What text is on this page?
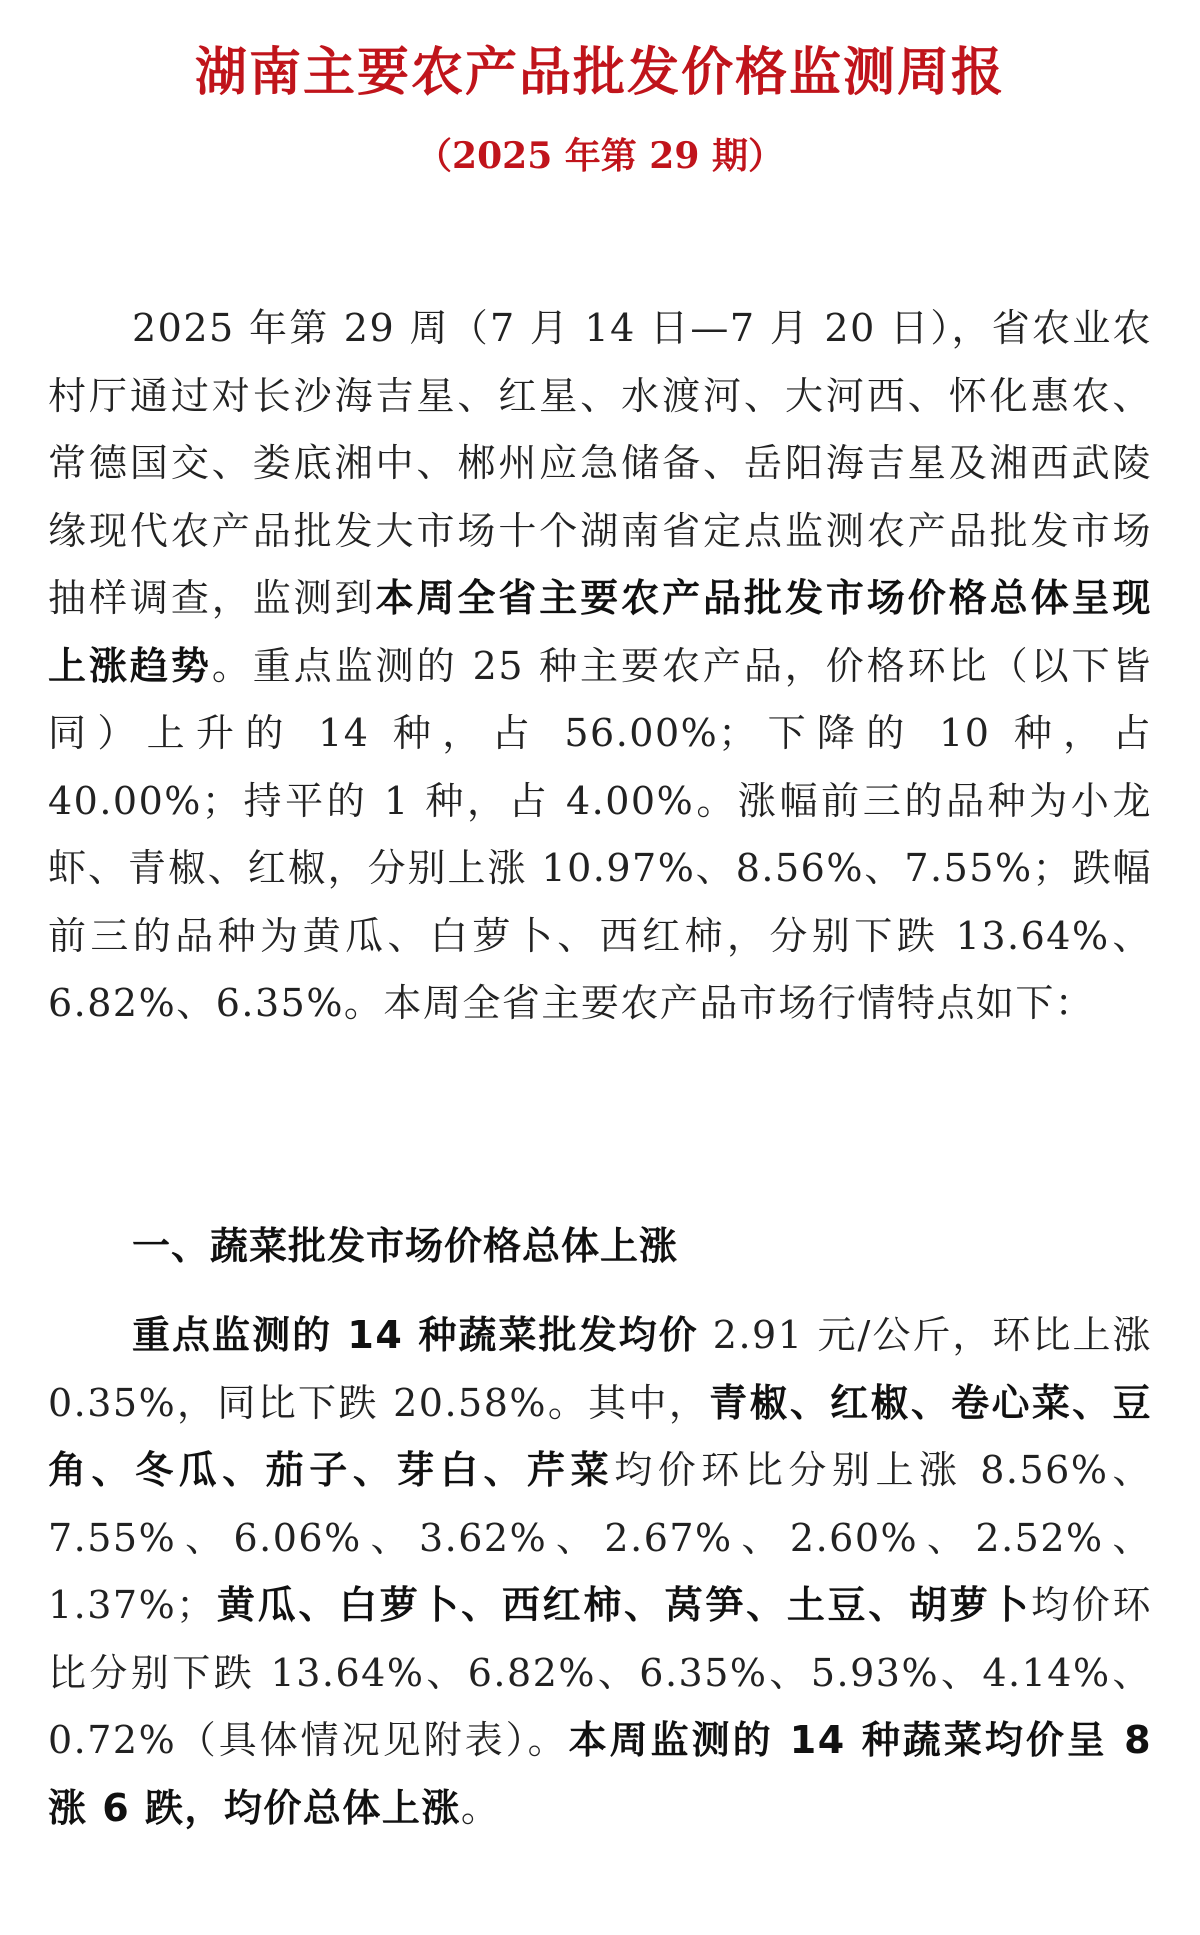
湖南主要农产品批发价格监测周报
（2025 年第 29 期）

2025 年第 29 周（7 月 14 日—7 月 20 日），省农业农村厅通过对长沙海吉星、红星、水渡河、大河西、怀化惠农、常德国交、娄底湘中、郴州应急储备、岳阳海吉星及湘西武陵缘现代农产品批发大市场十个湖南省定点监测农产品批发市场抽样调查，监测到本周全省主要农产品批发市场价格总体呈现上涨趋势。重点监测的 25 种主要农产品，价格环比（以下皆同）上升的 14 种，占 56.00%；下降的 10 种，占 40.00%；持平的 1 种，占 4.00%。涨幅前三的品种为小龙虾、青椒、红椒，分别上涨 10.97%、8.56%、7.55%；跌幅前三的品种为黄瓜、白萝卜、西红柿，分别下跌 13.64%、6.82%、6.35%。本周全省主要农产品市场行情特点如下：

一、蔬菜批发市场价格总体上涨

重点监测的 14 种蔬菜批发均价 2.91 元/公斤，环比上涨 0.35%，同比下跌 20.58%。其中，青椒、红椒、卷心菜、豆角、冬瓜、茄子、芽白、芹菜均价环比分别上涨 8.56%、7.55%、6.06%、3.62%、2.67%、2.60%、2.52%、1.37%；黄瓜、白萝卜、西红柿、莴笋、土豆、胡萝卜均价环比分别下跌 13.64%、6.82%、6.35%、5.93%、4.14%、0.72%（具体情况见附表）。本周监测的 14 种蔬菜均价呈 8 涨 6 跌，均价总体上涨。
